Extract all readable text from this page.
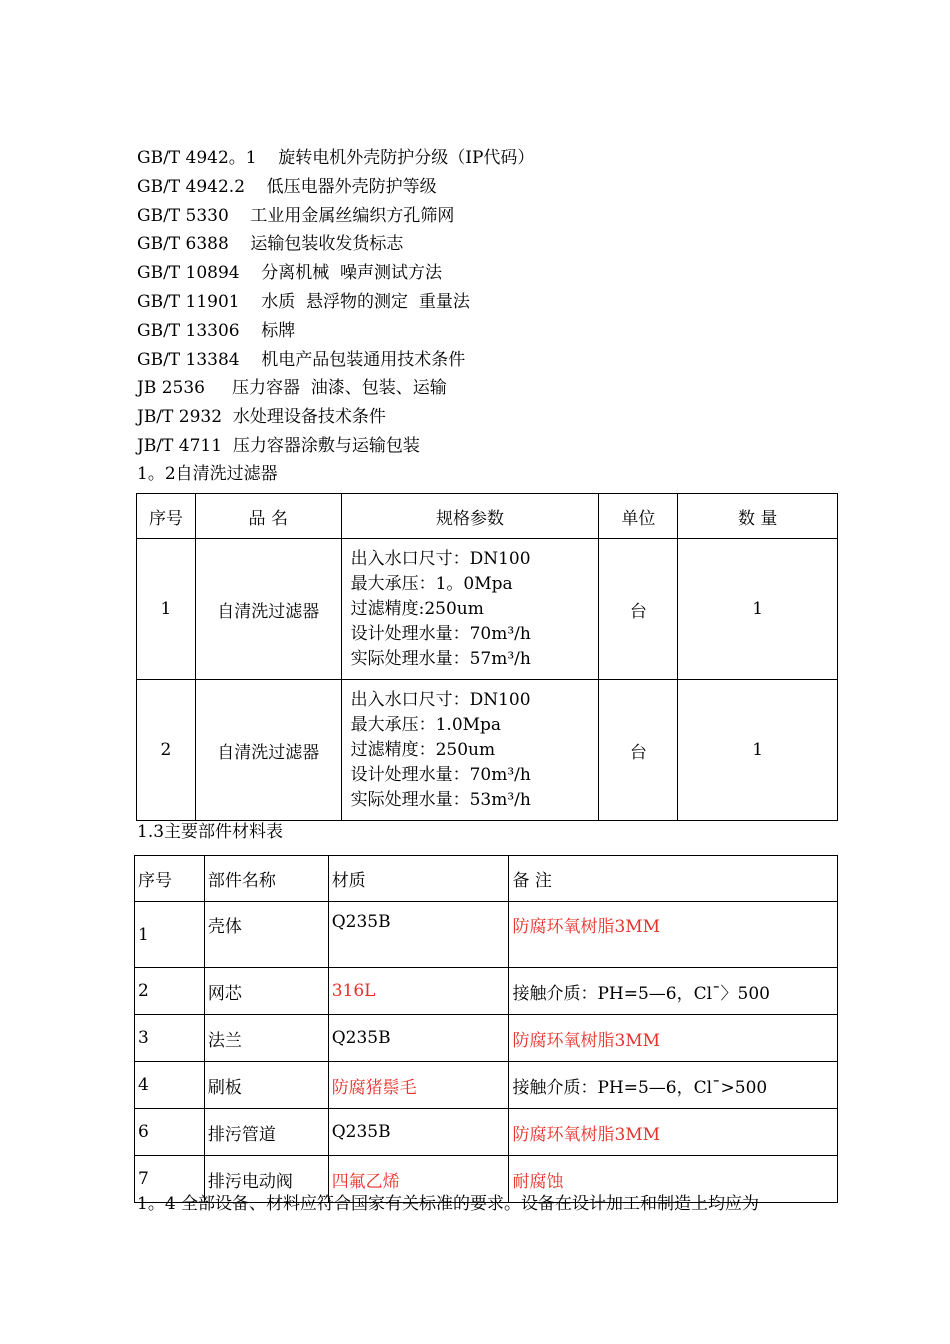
GB/T 4942。1    旋转电机外壳防护分级（IP代码）
GB/T 4942.2    低压电器外壳防护等级
GB/T 5330    工业用金属丝编织方孔筛网
GB/T 6388    运输包装收发货标志
GB/T 10894    分离机械  噪声测试方法
GB/T 11901    水质  悬浮物的测定  重量法
GB/T 13306    标牌
GB/T 13384    机电产品包装通用技术条件
JB 2536     压力容器  油漆、包装、运输
JB/T 2932  水处理设备技术条件
JB/T 4711  压力容器涂敷与运输包装
1。2自清洗过滤器
序号	品 名	规格参数	单位	数 量
1	自清洗过滤器	出入水口尺寸：DN100
最大承压：1。0Mpa
过滤精度:250um
设计处理水量：70m³/h
实际处理水量：57m³/h	台	1
2	自清洗过滤器	出入水口尺寸：DN100
最大承压：1.0Mpa
过滤精度：250um
设计处理水量：70m³/h
实际处理水量：53m³/h	台	1
1.3主要部件材料表
序号	部件名称	材质	备 注
1	壳体	Q235B	防腐环氧树脂3MM
2	网芯	316L	接触介质：PH=5—6，Cl¯〉500
3	法兰	Q235B	防腐环氧树脂3MM
4	刷板	防腐猪鬃毛	接触介质：PH=5—6，Cl¯>500
6	排污管道	Q235B	防腐环氧树脂3MM
7	排污电动阀	四氟乙烯	耐腐蚀
1。4 全部设备、材料应符合国家有关标准的要求。设备在设计加工和制造上均应为
